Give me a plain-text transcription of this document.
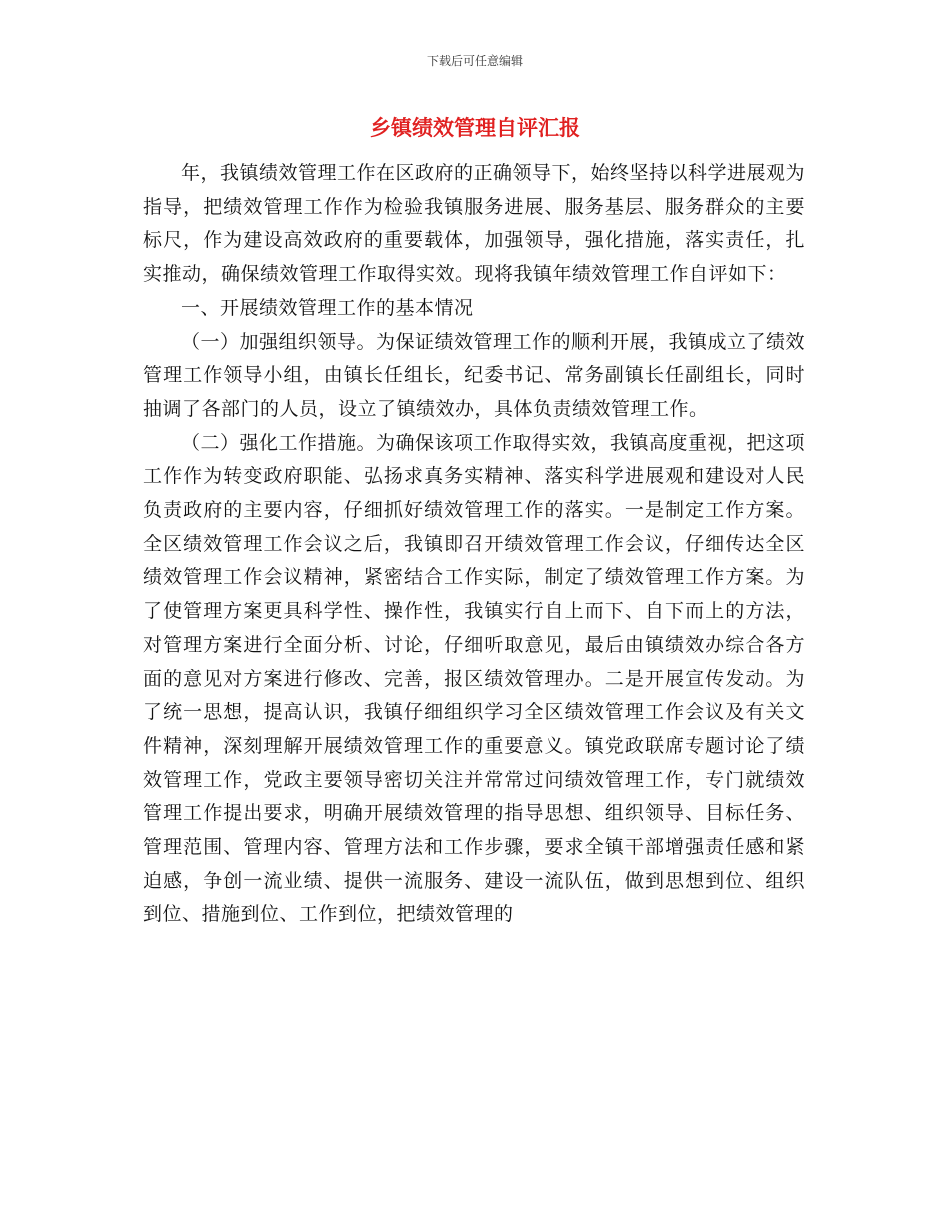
下载后可任意编辑
乡镇绩效管理自评汇报

年，我镇绩效管理工作在区政府的正确领导下，始终坚持以科学进展观为指导，把绩效管理工作作为检验我镇服务进展、服务基层、服务群众的主要标尺，作为建设高效政府的重要载体，加强领导，强化措施，落实责任，扎实推动，确保绩效管理工作取得实效。现将我镇年绩效管理工作自评如下：

一、开展绩效管理工作的基本情况

（一）加强组织领导。为保证绩效管理工作的顺利开展，我镇成立了绩效管理工作领导小组，由镇长任组长，纪委书记、常务副镇长任副组长，同时抽调了各部门的人员，设立了镇绩效办，具体负责绩效管理工作。

（二）强化工作措施。为确保该项工作取得实效，我镇高度重视，把这项工作作为转变政府职能、弘扬求真务实精神、落实科学进展观和建设对人民负责政府的主要内容，仔细抓好绩效管理工作的落实。一是制定工作方案。全区绩效管理工作会议之后，我镇即召开绩效管理工作会议，仔细传达全区绩效管理工作会议精神，紧密结合工作实际，制定了绩效管理工作方案。为了使管理方案更具科学性、操作性，我镇实行自上而下、自下而上的方法，对管理方案进行全面分析、讨论，仔细听取意见，最后由镇绩效办综合各方面的意见对方案进行修改、完善，报区绩效管理办。二是开展宣传发动。为了统一思想，提高认识，我镇仔细组织学习全区绩效管理工作会议及有关文件精神，深刻理解开展绩效管理工作的重要意义。镇党政联席专题讨论了绩效管理工作，党政主要领导密切关注并常常过问绩效管理工作，专门就绩效管理工作提出要求，明确开展绩效管理的指导思想、组织领导、目标任务、管理范围、管理内容、管理方法和工作步骤，要求全镇干部增强责任感和紧迫感，争创一流业绩、提供一流服务、建设一流队伍，做到思想到位、组织到位、措施到位、工作到位，把绩效管理的
